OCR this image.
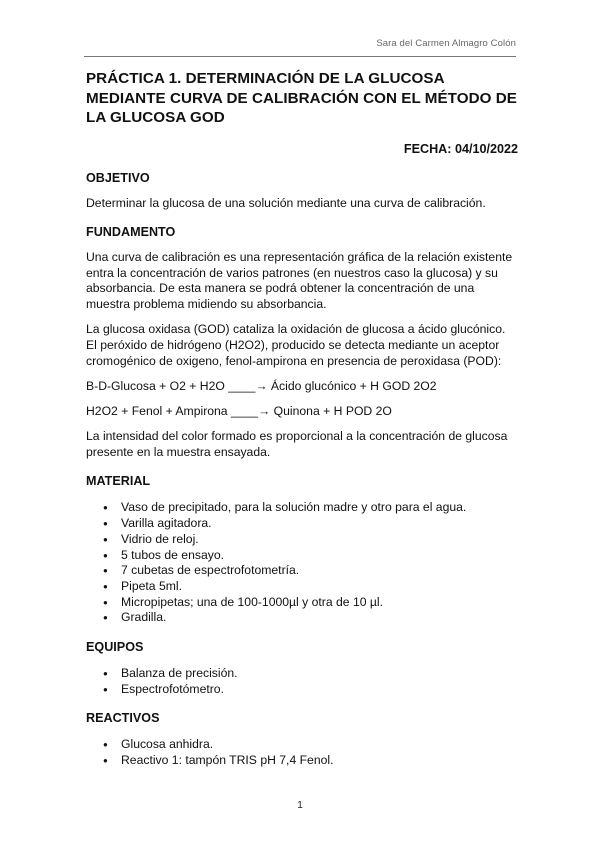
Sara del Carmen Almagro Colón
PRÁCTICA 1. DETERMINACIÓN DE LA GLUCOSA MEDIANTE CURVA DE CALIBRACIÓN CON EL MÉTODO DE LA GLUCOSA GOD
FECHA: 04/10/2022
OBJETIVO

Determinar la glucosa de una solución mediante una curva de calibración.

FUNDAMENTO

Una curva de calibración es una representación gráfica de la relación existente entra la concentración de varios patrones (en nuestros caso la glucosa) y su absorbancia. De esta manera se podrá obtener la concentración de una muestra problema midiendo su absorbancia.

La glucosa oxidasa (GOD) cataliza la oxidación de glucosa a ácido glucónico. El peróxido de hidrógeno (H2O2), producido se detecta mediante un aceptor cromogénico de oxigeno, fenol-ampirona en presencia de peroxidasa (POD):

B-D-Glucosa + O2 + H2O ____→ Ácido glucónico + H GOD 2O2

H2O2 + Fenol + Ampirona ____→ Quinona + H POD 2O

La intensidad del color formado es proporcional a la concentración de glucosa presente en la muestra ensayada.

MATERIAL
● Vaso de precipitado, para la solución madre y otro para el agua.
● Varilla agitadora.
● Vidrio de reloj.
● 5 tubos de ensayo.
● 7 cubetas de espectrofotometría.
● Pipeta 5ml.
● Micropipetas; una de 100-1000µl y otra de 10 µl.
● Gradilla.
EQUIPOS
● Balanza de precisión.
● Espectrofotómetro.
REACTIVOS
● Glucosa anhidra.
● Reactivo 1: tampón TRIS pH 7,4 Fenol.
1
